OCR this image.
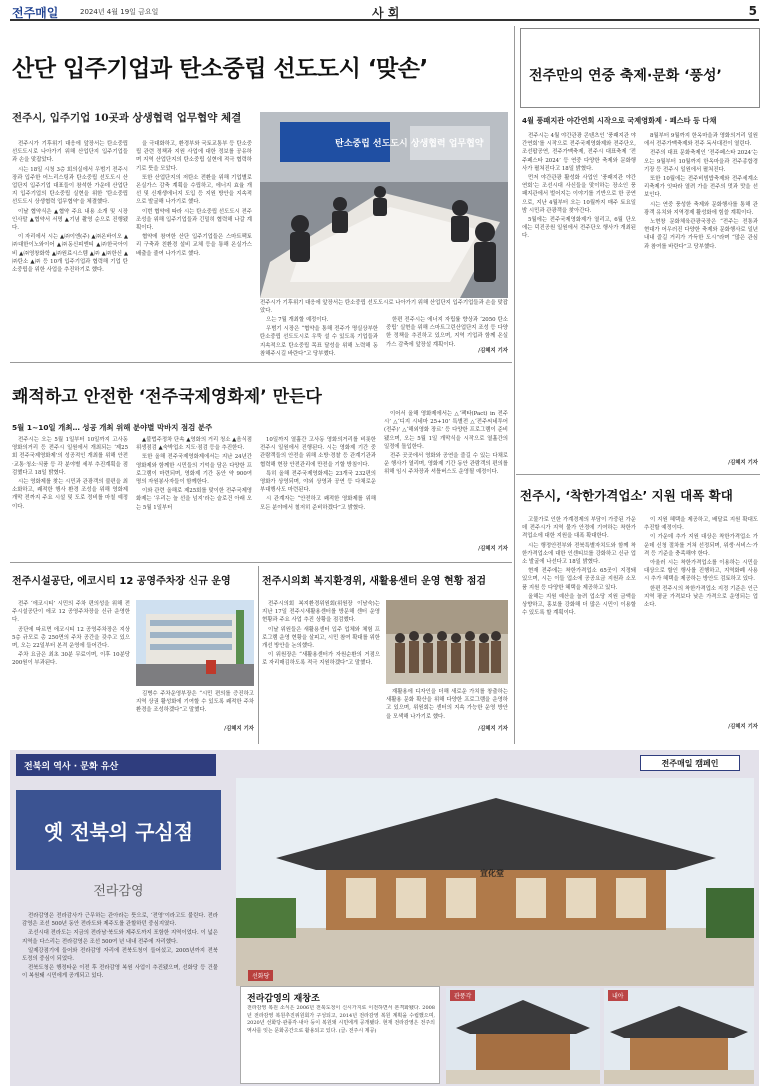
전주매일	2024년 4월 19일 금요일	사 회	5
산단 입주기업과 탄소중립 선도도시 ‘맞손’
전주시, 입주기업 10곳과 상생협력 업무협약 체결

전주시가 기후위기 대응에 앞장서는 탄소중립 선도도시로 나아가기 위해 산업단지 입주기업들과 손을 맞잡았다.

시는 18일 시청 3층 회의실에서 우범기 전주시장과 입주한 어느리스팅과 탄소중립 선도도시 산업단지 입주기업 대표들이 참석한 가운데 산업단지 입주기업의 탄소중립 실현을 위한 ‘탄소중립 선도도시 상생협력 업무협약’을 체결했다.

이날 협약식은 ▲협약 주요 내용 소개 및 시장 인사말 ▲협약서 서명 ▲기념 촬영 순으로 진행됐다.

이 자리에서 시는 ▲㈜이엔(주) ▲㈜온바이오 ▲㈜대한이노와이어 ▲㈜동신피엔티 ▲㈜한국아이비 ▲㈜영창화학 ▲㈜원료시스템 ▲㈜ ▲㈜한신 ▲㈜탄소 ▲㈜ 등 10개 입주기업과 협력해 기업 탄소중립을 위한 사업을 추진하기로 했다.

을 극대화하고, 환경부와 국토교통부 등 탄소중립 관련 정책과 지원 사업에 대한 정보를 공유하며 지역 산업단지의 탄소중립 실현에 적극 협력하기로 뜻을 모았다.

또한 산업단지의 저탄소 전환을 위해 기업별로 온실가스 감축 계획을 수립하고, 에너지 효율 개선 및 신재생에너지 도입 등 지원 방안을 지속적으로 발굴해 나가기로 했다.

이번 협약에 따라 시는 탄소중립 선도도시 전주 조성을 위해 입주기업들과 긴밀히 협력해 나갈 계획이다.

협약에 참여한 산단 입주기업들은 스마트팩토리 구축과 친환경 설비 교체 등을 통해 온실가스 배출을 줄여 나가기로 했다.

탄소중립 선도도시 상생협력 업무협약
전주시가 기후위기 대응에 앞장서는 탄소중립 선도도시로 나아가기 위해 산업단지 입주기업들과 손을 맞잡았다.

으는 7월 개최할 예정이다.

우범기 시장은 “협약을 통해 전주가 명실상부한 탄소중립 선도도시로 우뚝 설 수 있도록 기업들과 지속적으로 탄소중립 목표 달성을 위해 노력해 동참해주시길 바란다”고 당부했다.

한편 전주시는 에너지 자립률 향상과 ‘2050 탄소중립’ 실현을 위해 스마트그린산업단지 조성 등 다양한 정책을 추진하고 있으며, 지역 기업과 함께 온실가스 감축에 앞장설 계획이다.

/김혜지 기자
쾌적하고 안전한 ‘전주국제영화제’ 만든다
5월 1~10일 개최… 성공 개최 위해 분야별 막바지 점검 분주

전주시는 오는 5월 1일부터 10일까지 고사동 영화의거리 등 전주시 일원에서 개최되는 ‘제25회 전주국제영화제’의 성공적인 개최를 위해 안전·교통·청소·식품 등 각 분야별 세부 추진계획을 점검했다고 18일 밝혔다.

시는 영화제를 찾는 시민과 관광객의 불편을 최소화하고, 쾌적한 행사 환경 조성을 위해 영화제 개막 전까지 주요 시설 및 도로 정비를 마칠 예정이다.

▲불법주정차 단속 ▲영화의 거리 청소 ▲음식점 위생점검 ▲숙박업소 지도·점검 등을 추진한다.

또한 올해 전주국제영화제에서는 지난 24년간 영화제와 함께한 시민들의 기억을 담은 다양한 프로그램이 마련되며, 영화제 기간 동안 약 900여 명의 자원봉사자들이 함께한다.

이와 관련 올해로 제25회를 맞이한 전주국제영화제는 ‘우리는 늘 선을 넘지’라는 슬로건 아래 오는 5월 1일부터

10일까지 열흘간 고사동 영화의거리를 비롯한 전주시 일원에서 진행된다. 시는 영화제 기간 중 관람객들의 안전을 위해 소방·경찰 등 관계기관과 협력해 현장 안전관리에 만전을 기할 방침이다.

특히 올해 전주국제영화제는 23개국 232편의 영화가 상영되며, 야외 상영과 공연 등 다채로운 부대행사도 마련된다.

시 관계자는 “안전하고 쾌적한 영화제를 위해 모든 분야에서 철저히 준비하겠다”고 밝혔다.

이어서 올해 영화제에서는 △‘팩타(Pact) in 전주시’ △‘디지 시네마 25+10’ 특별전 △‘전주씨네투어(전주)’ △‘해외영화 장르’ 등 다양한 프로그램이 준비됐으며, 오는 5월 1일 개막식을 시작으로 열흘간의 일정에 돌입한다.

전주 곳곳에서 영화와 공연을 즐길 수 있는 다채로운 행사가 열리며, 영화제 기간 동안 관람객의 편의를 위해 임시 주차장과 셔틀버스도 운영될 예정이다.

/김혜지 기자
전주만의 연중 축제·문화 ‘풍성’
4월 풍패지관 야간연회 시작으로 국제영화제 · 페스타 등 다채

전주시는 4월 야간관광 콘텐츠인 ‘풍패지관 야간연회’를 시작으로 전주국제영화제와 전주단오, 조선팝공연, 전주가맥축제, 전주시 대표축제 ‘전주페스타 2024’ 등 연중 다양한 축제와 문화행사가 펼쳐진다고 18일 밝혔다.

먼저 야간관광 활성화 사업인 ‘풍패지관 야간연회’는 조선시대 사신들을 맞이하는 장소인 풍패지관에서 벌어지는 이야기를 기반으로 한 공연으로, 지난 4월부터 오는 10월까지 매주 토요일 밤 시민과 관광객을 찾아간다.

5월에는 전주국제영화제가 열리고, 6월 단오에는 덕진공원 일원에서 전주단오 행사가 개최된다.

8월부터 9월까지 한옥마을과 영화의거리 일원에서 전주가맥축제와 전주 독서대전이 열린다.

전주의 대표 문화축제인 ‘전주페스타 2024’는 오는 9월부터 10월까지 한옥마을과 전주종합경기장 등 전주시 일원에서 펼쳐진다.

또한 10월에는 전주비빔밥축제와 전주세계소리축제가 잇따라 열려 가을 전주의 멋과 맛을 선보인다.

시는 연중 풍성한 축제와 문화행사를 통해 관광객 유치와 지역경제 활성화에 힘쓸 계획이다.

노현창 문화체육관광국장은 “전주는 전통과 현대가 어우러진 다양한 축제와 문화행사로 일년 내내 즐길 거리가 가득한 도시”라며 “많은 관심과 참여를 바란다”고 당부했다.

/김혜지 기자
전주시, ‘착한가격업소’ 지원 대폭 확대

고물가로 인한 가계경제의 부담이 가중된 가운데 전주시가 지역 물가 안정에 기여하는 착한가격업소에 대한 지원을 대폭 확대한다.

시는 행정안전부와 전북특별자치도와 함께 착한가격업소에 대한 인센티브를 강화하고 신규 업소 발굴에 나선다고 18일 밝혔다.

현재 전주에는 착한가격업소 65곳이 지정돼 있으며, 시는 이들 업소에 공공요금 지원과 소모품 지원 등 다양한 혜택을 제공하고 있다.

올해는 지원 예산을 늘려 업소당 지원 금액을 상향하고, 홍보를 강화해 더 많은 시민이 이용할 수 있도록 할 계획이다.

이 지원 혜택을 제공하고, 배달료 지원 확대도 추진할 예정이다.

이 가운데 추가 지원 대상은 착한가격업소 가운데 신청 절차를 거쳐 선정되며, 위생·서비스·가격 등 기준을 충족해야 한다.

아울러 시는 착한가격업소를 이용하는 시민을 대상으로 할인 행사를 진행하고, 지역화폐 사용 시 추가 혜택을 제공하는 방안도 검토하고 있다.

한편 전주시의 착한가격업소 지정 기준은 인근 지역 평균 가격보다 낮은 가격으로 운영되는 업소다.

/김혜지 기자
전주시설공단, 에코시티 12 공영주차장 신규 운영

전주 ‘에코시티’ 시민의 주차 편의성을 위해 전주시설공단이 에코 12 공영주차장을 신규 운영한다.

공단에 따르면 에코시티 12 공영주차장은 지상 5층 규모로 총 250면의 주차 공간을 갖추고 있으며, 오는 22일부터 본격 운영에 들어간다.

주차 요금은 최초 30분 무료이며, 이후 10분당 200원이 부과된다.

김병수 주차운영부장은 “시민 편의를 증진하고 지역 상권 활성화에 기여할 수 있도록 쾌적한 주차 환경을 조성하겠다”고 말했다.

/김혜지 기자
전주시의회 복지환경위, 새활용센터 운영 현황 점검

전주시의회 복지환경위원회(위원장 이남숙)는 지난 17일 전주시새활용센터를 방문해 센터 운영 현황과 주요 사업 추진 상황을 점검했다.

이날 위원들은 새활용센터 입주 업체와 체험 프로그램 운영 현황을 살피고, 시민 참여 확대를 위한 개선 방안을 논의했다.

이 위원장은 “새활용센터가 자원순환의 거점으로 자리매김하도록 적극 지원하겠다”고 말했다.

재활용에 디자인을 더해 새로운 가치를 창출하는 새활용 문화 확산을 위해 다양한 프로그램을 운영하고 있으며, 위원회는 센터의 지속 가능한 운영 방안을 모색해 나가기로 했다.

/김혜지 기자
전북의 역사 · 문화 유산
옛 전북의 구심점
전라감영

전라감영은 전라감사가 근무하는 관아라는 뜻으로, ‘전영’이라고도 불린다. 전라감영은 조선 500년 동안 전라도와 제주도를 관할하던 중심지였다.

조선시대 전라도는 지금의 전라남·북도와 제주도까지 포함한 지역이었다. 이 넓은 지역을 다스리는 전라감영은 조선 500여 년 내내 전주에 자리했다.

일제강점기에 들어와 전라감영 자리에 전북도청이 들어섰고, 2005년까지 전북 도정의 중심이 되었다.

전북도청은 행정타운 이전 후 전라감영 복원 사업이 추진됐으며, 선화당 등 건물이 복원돼 시민에게 공개되고 있다.

전주매일 캠페인
宣化堂
선화당
전라감영의 재창조
전라감영 복원 소식은 2006년 전북도청이 신시가지로 이전하면서 본격화됐다. 2008년 전라감영 복원추진위원회가 구성되고, 2014년 전라감영 복원 계획을 수립했으며, 2020년 선화당·관풍각·내아 등이 복원돼 시민에게 공개됐다. 현재 전라감영은 전주의 역사를 잇는 문화공간으로 활용되고 있다. (글: 전주시 제공)
관풍각	내아
